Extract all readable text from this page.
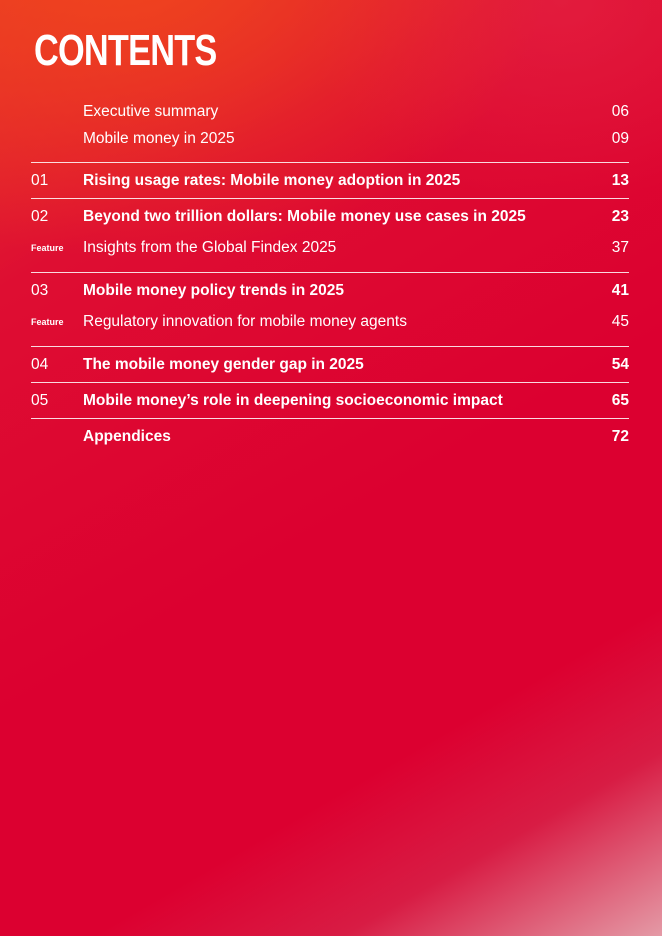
CONTENTS
Executive summary	06
Mobile money in 2025	09
01 Rising usage rates: Mobile money adoption in 2025	13
02 Beyond two trillion dollars: Mobile money use cases in 2025	23
Feature Insights from the Global Findex 2025	37
03 Mobile money policy trends in 2025	41
Feature Regulatory innovation for mobile money agents	45
04 The mobile money gender gap in 2025	54
05 Mobile money’s role in deepening socioeconomic impact	65
Appendices	72
